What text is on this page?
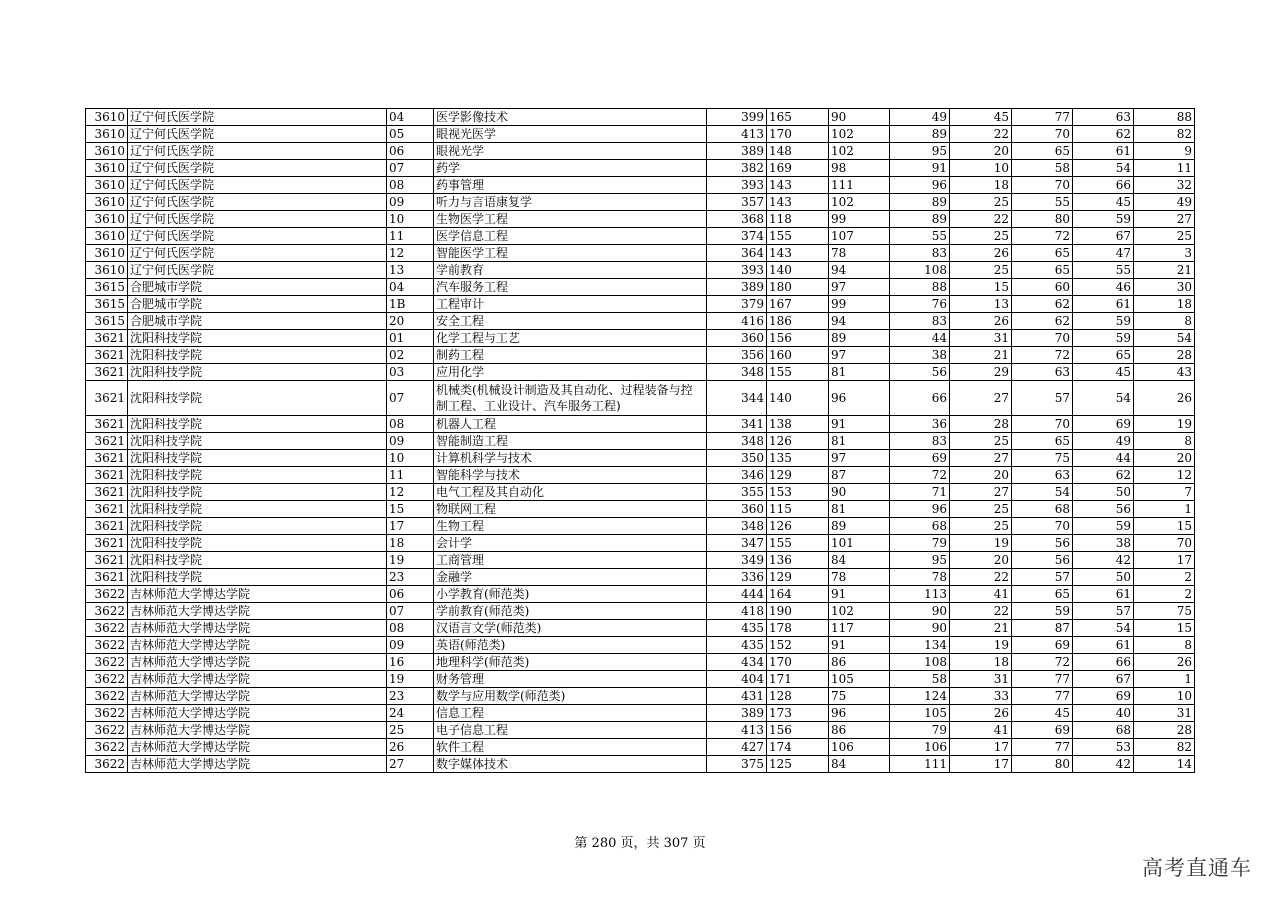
3610	辽宁何氏医学院	04	医学影像技术	399	165	90	49	45	77	63	88
3610	辽宁何氏医学院	05	眼视光医学	413	170	102	89	22	70	62	82
3610	辽宁何氏医学院	06	眼视光学	389	148	102	95	20	65	61	9
3610	辽宁何氏医学院	07	药学	382	169	98	91	10	58	54	11
3610	辽宁何氏医学院	08	药事管理	393	143	111	96	18	70	66	32
3610	辽宁何氏医学院	09	听力与言语康复学	357	143	102	89	25	55	45	49
3610	辽宁何氏医学院	10	生物医学工程	368	118	99	89	22	80	59	27
3610	辽宁何氏医学院	11	医学信息工程	374	155	107	55	25	72	67	25
3610	辽宁何氏医学院	12	智能医学工程	364	143	78	83	26	65	47	3
3610	辽宁何氏医学院	13	学前教育	393	140	94	108	25	65	55	21
3615	合肥城市学院	04	汽车服务工程	389	180	97	88	15	60	46	30
3615	合肥城市学院	1B	工程审计	379	167	99	76	13	62	61	18
3615	合肥城市学院	20	安全工程	416	186	94	83	26	62	59	8
3621	沈阳科技学院	01	化学工程与工艺	360	156	89	44	31	70	59	54
3621	沈阳科技学院	02	制药工程	356	160	97	38	21	72	65	28
3621	沈阳科技学院	03	应用化学	348	155	81	56	29	63	45	43
3621	沈阳科技学院	07	机械类(机械设计制造及其自动化、过程装备与控制工程、工业设计、汽车服务工程)	344	140	96	66	27	57	54	26
3621	沈阳科技学院	08	机器人工程	341	138	91	36	28	70	69	19
3621	沈阳科技学院	09	智能制造工程	348	126	81	83	25	65	49	8
3621	沈阳科技学院	10	计算机科学与技术	350	135	97	69	27	75	44	20
3621	沈阳科技学院	11	智能科学与技术	346	129	87	72	20	63	62	12
3621	沈阳科技学院	12	电气工程及其自动化	355	153	90	71	27	54	50	7
3621	沈阳科技学院	15	物联网工程	360	115	81	96	25	68	56	1
3621	沈阳科技学院	17	生物工程	348	126	89	68	25	70	59	15
3621	沈阳科技学院	18	会计学	347	155	101	79	19	56	38	70
3621	沈阳科技学院	19	工商管理	349	136	84	95	20	56	42	17
3621	沈阳科技学院	23	金融学	336	129	78	78	22	57	50	2
3622	吉林师范大学博达学院	06	小学教育(师范类)	444	164	91	113	41	65	61	2
3622	吉林师范大学博达学院	07	学前教育(师范类)	418	190	102	90	22	59	57	75
3622	吉林师范大学博达学院	08	汉语言文学(师范类)	435	178	117	90	21	87	54	15
3622	吉林师范大学博达学院	09	英语(师范类)	435	152	91	134	19	69	61	8
3622	吉林师范大学博达学院	16	地理科学(师范类)	434	170	86	108	18	72	66	26
3622	吉林师范大学博达学院	19	财务管理	404	171	105	58	31	77	67	1
3622	吉林师范大学博达学院	23	数学与应用数学(师范类)	431	128	75	124	33	77	69	10
3622	吉林师范大学博达学院	24	信息工程	389	173	96	105	26	45	40	31
3622	吉林师范大学博达学院	25	电子信息工程	413	156	86	79	41	69	68	28
3622	吉林师范大学博达学院	26	软件工程	427	174	106	106	17	77	53	82
3622	吉林师范大学博达学院	27	数字媒体技术	375	125	84	111	17	80	42	14
第 280 页，共 307 页
高考直通车
